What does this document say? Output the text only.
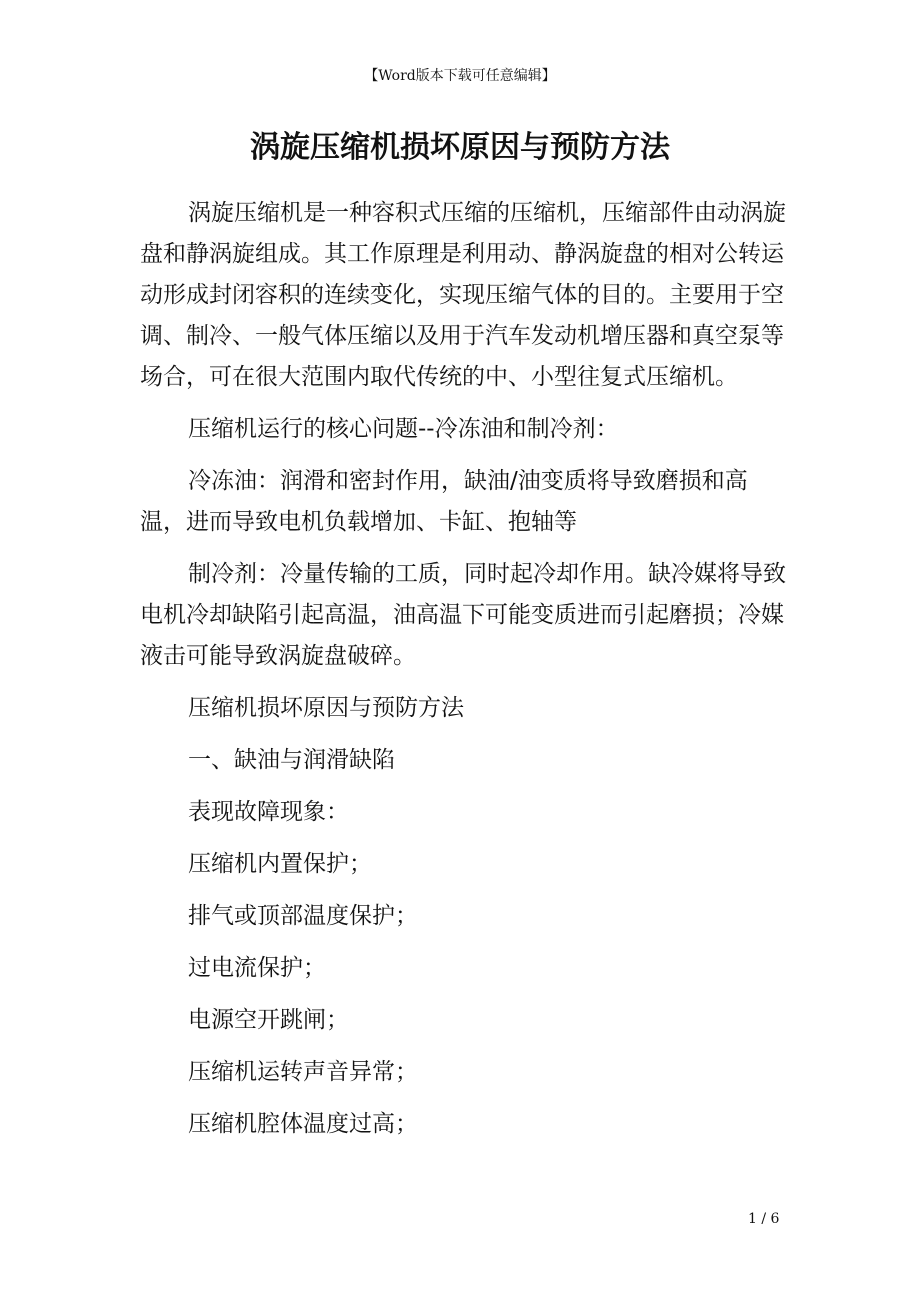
【Word版本下载可任意编辑】
涡旋压缩机损坏原因与预防方法

涡旋压缩机是一种容积式压缩的压缩机，压缩部件由动涡旋盘和静涡旋组成。其工作原理是利用动、静涡旋盘的相对公转运动形成封闭容积的连续变化，实现压缩气体的目的。主要用于空调、制冷、一般气体压缩以及用于汽车发动机增压器和真空泵等场合，可在很大范围内取代传统的中、小型往复式压缩机。

压缩机运行的核心问题--冷冻油和制冷剂：

冷冻油：润滑和密封作用，缺油/油变质将导致磨损和高温，进而导致电机负载增加、卡缸、抱轴等

制冷剂：冷量传输的工质，同时起冷却作用。缺冷媒将导致电机冷却缺陷引起高温，油高温下可能变质进而引起磨损；冷媒液击可能导致涡旋盘破碎。

压缩机损坏原因与预防方法

一、缺油与润滑缺陷

表现故障现象：

压缩机内置保护；

排气或顶部温度保护；

过电流保护；

电源空开跳闸；

压缩机运转声音异常；

压缩机腔体温度过高；

1 / 6
